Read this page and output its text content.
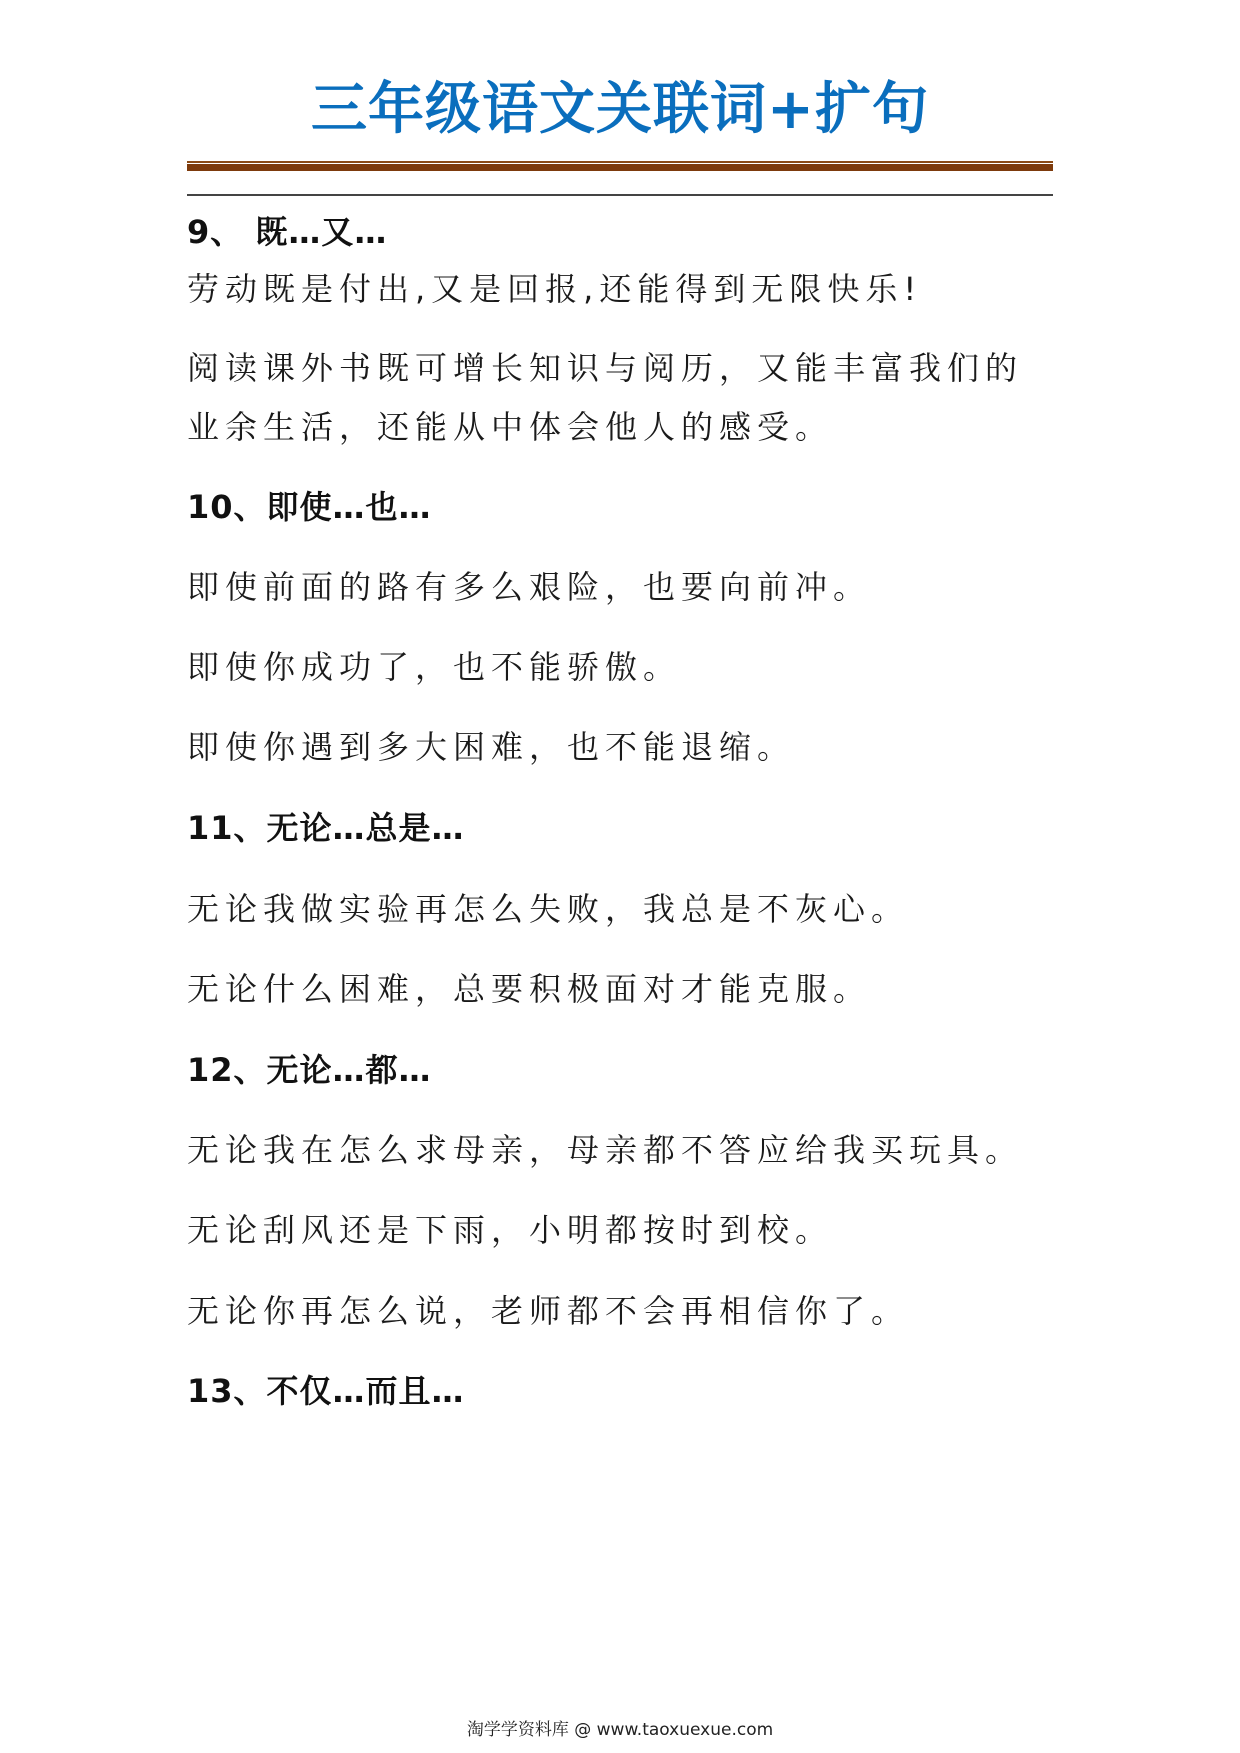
三年级语文关联词+扩句
9、 既…又…
劳动既是付出,又是回报,还能得到无限快乐!
阅读课外书既可增长知识与阅历，又能丰富我们的
业余生活，还能从中体会他人的感受。
10、即使…也…
即使前面的路有多么艰险，也要向前冲。
即使你成功了，也不能骄傲。
即使你遇到多大困难，也不能退缩。
11、无论…总是…
无论我做实验再怎么失败，我总是不灰心。
无论什么困难，总要积极面对才能克服。
12、无论…都…
无论我在怎么求母亲，母亲都不答应给我买玩具。
无论刮风还是下雨，小明都按时到校。
无论你再怎么说，老师都不会再相信你了。
13、不仅…而且…
淘学学资料库 @ www.taoxuexue.com
